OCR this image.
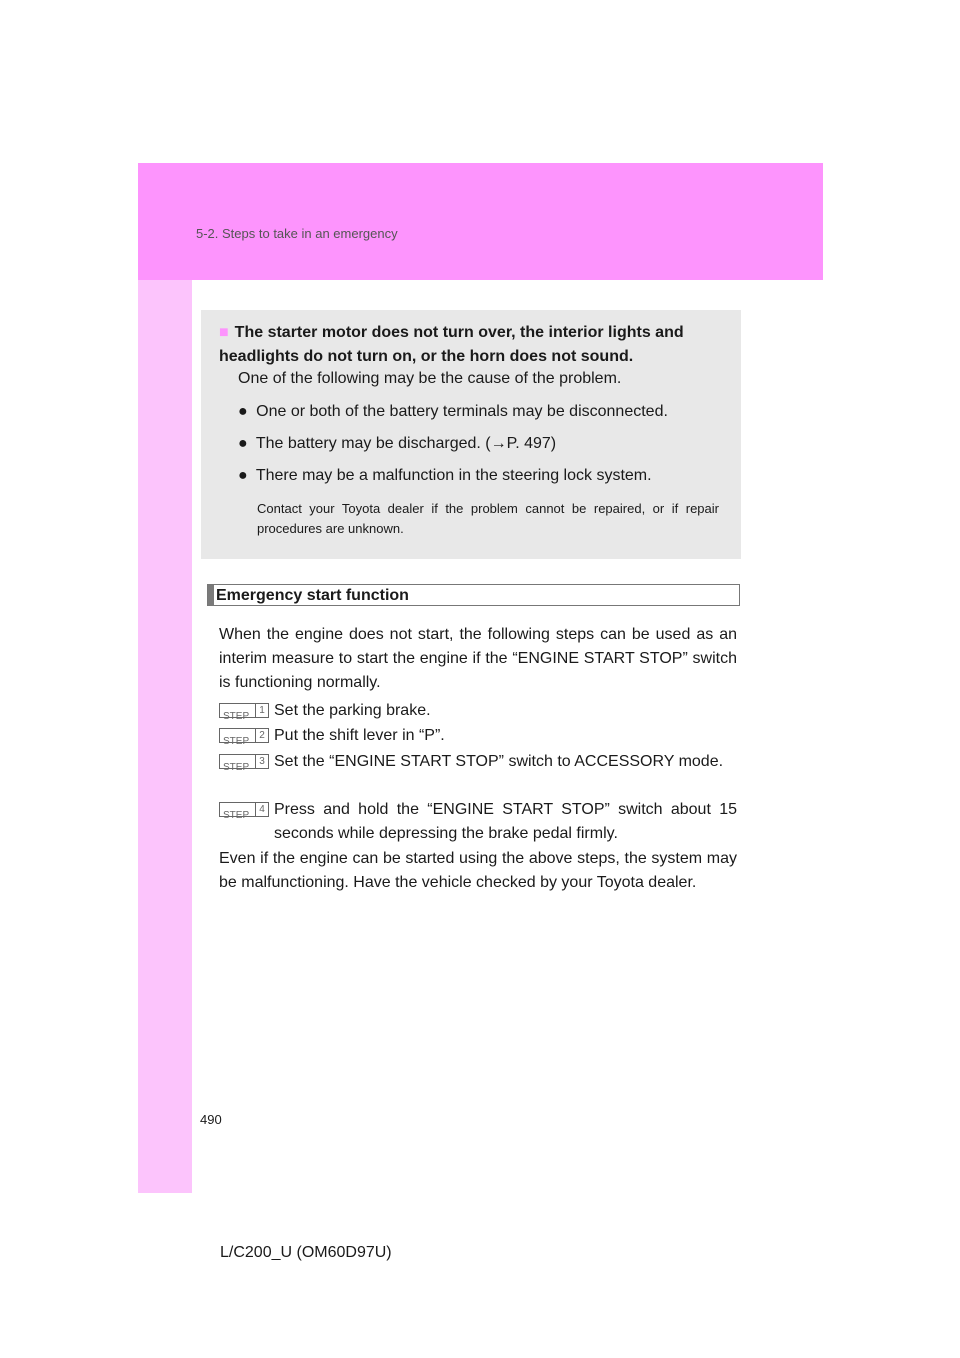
5-2. Steps to take in an emergency
■ The starter motor does not turn over, the interior lights and headlights do not turn on, or the horn does not sound.
One of the following may be the cause of the problem.
● One or both of the battery terminals may be disconnected.
● The battery may be discharged. (→P. 497)
● There may be a malfunction in the steering lock system.
Contact your Toyota dealer if the problem cannot be repaired, or if repair procedures are unknown.
Emergency start function
When the engine does not start, the following steps can be used as an interim measure to start the engine if the “ENGINE START STOP” switch is functioning normally.
STEP
1 Set the parking brake.
STEP
2 Put the shift lever in “P”.
STEP
3 Set the “ENGINE START STOP” switch to ACCESSORY mode.
STEP
4 Press and hold the “ENGINE START STOP” switch about 15 seconds while depressing the brake pedal firmly.
Even if the engine can be started using the above steps, the system may be malfunctioning. Have the vehicle checked by your Toyota dealer.
490
L/C200_U (OM60D97U)
